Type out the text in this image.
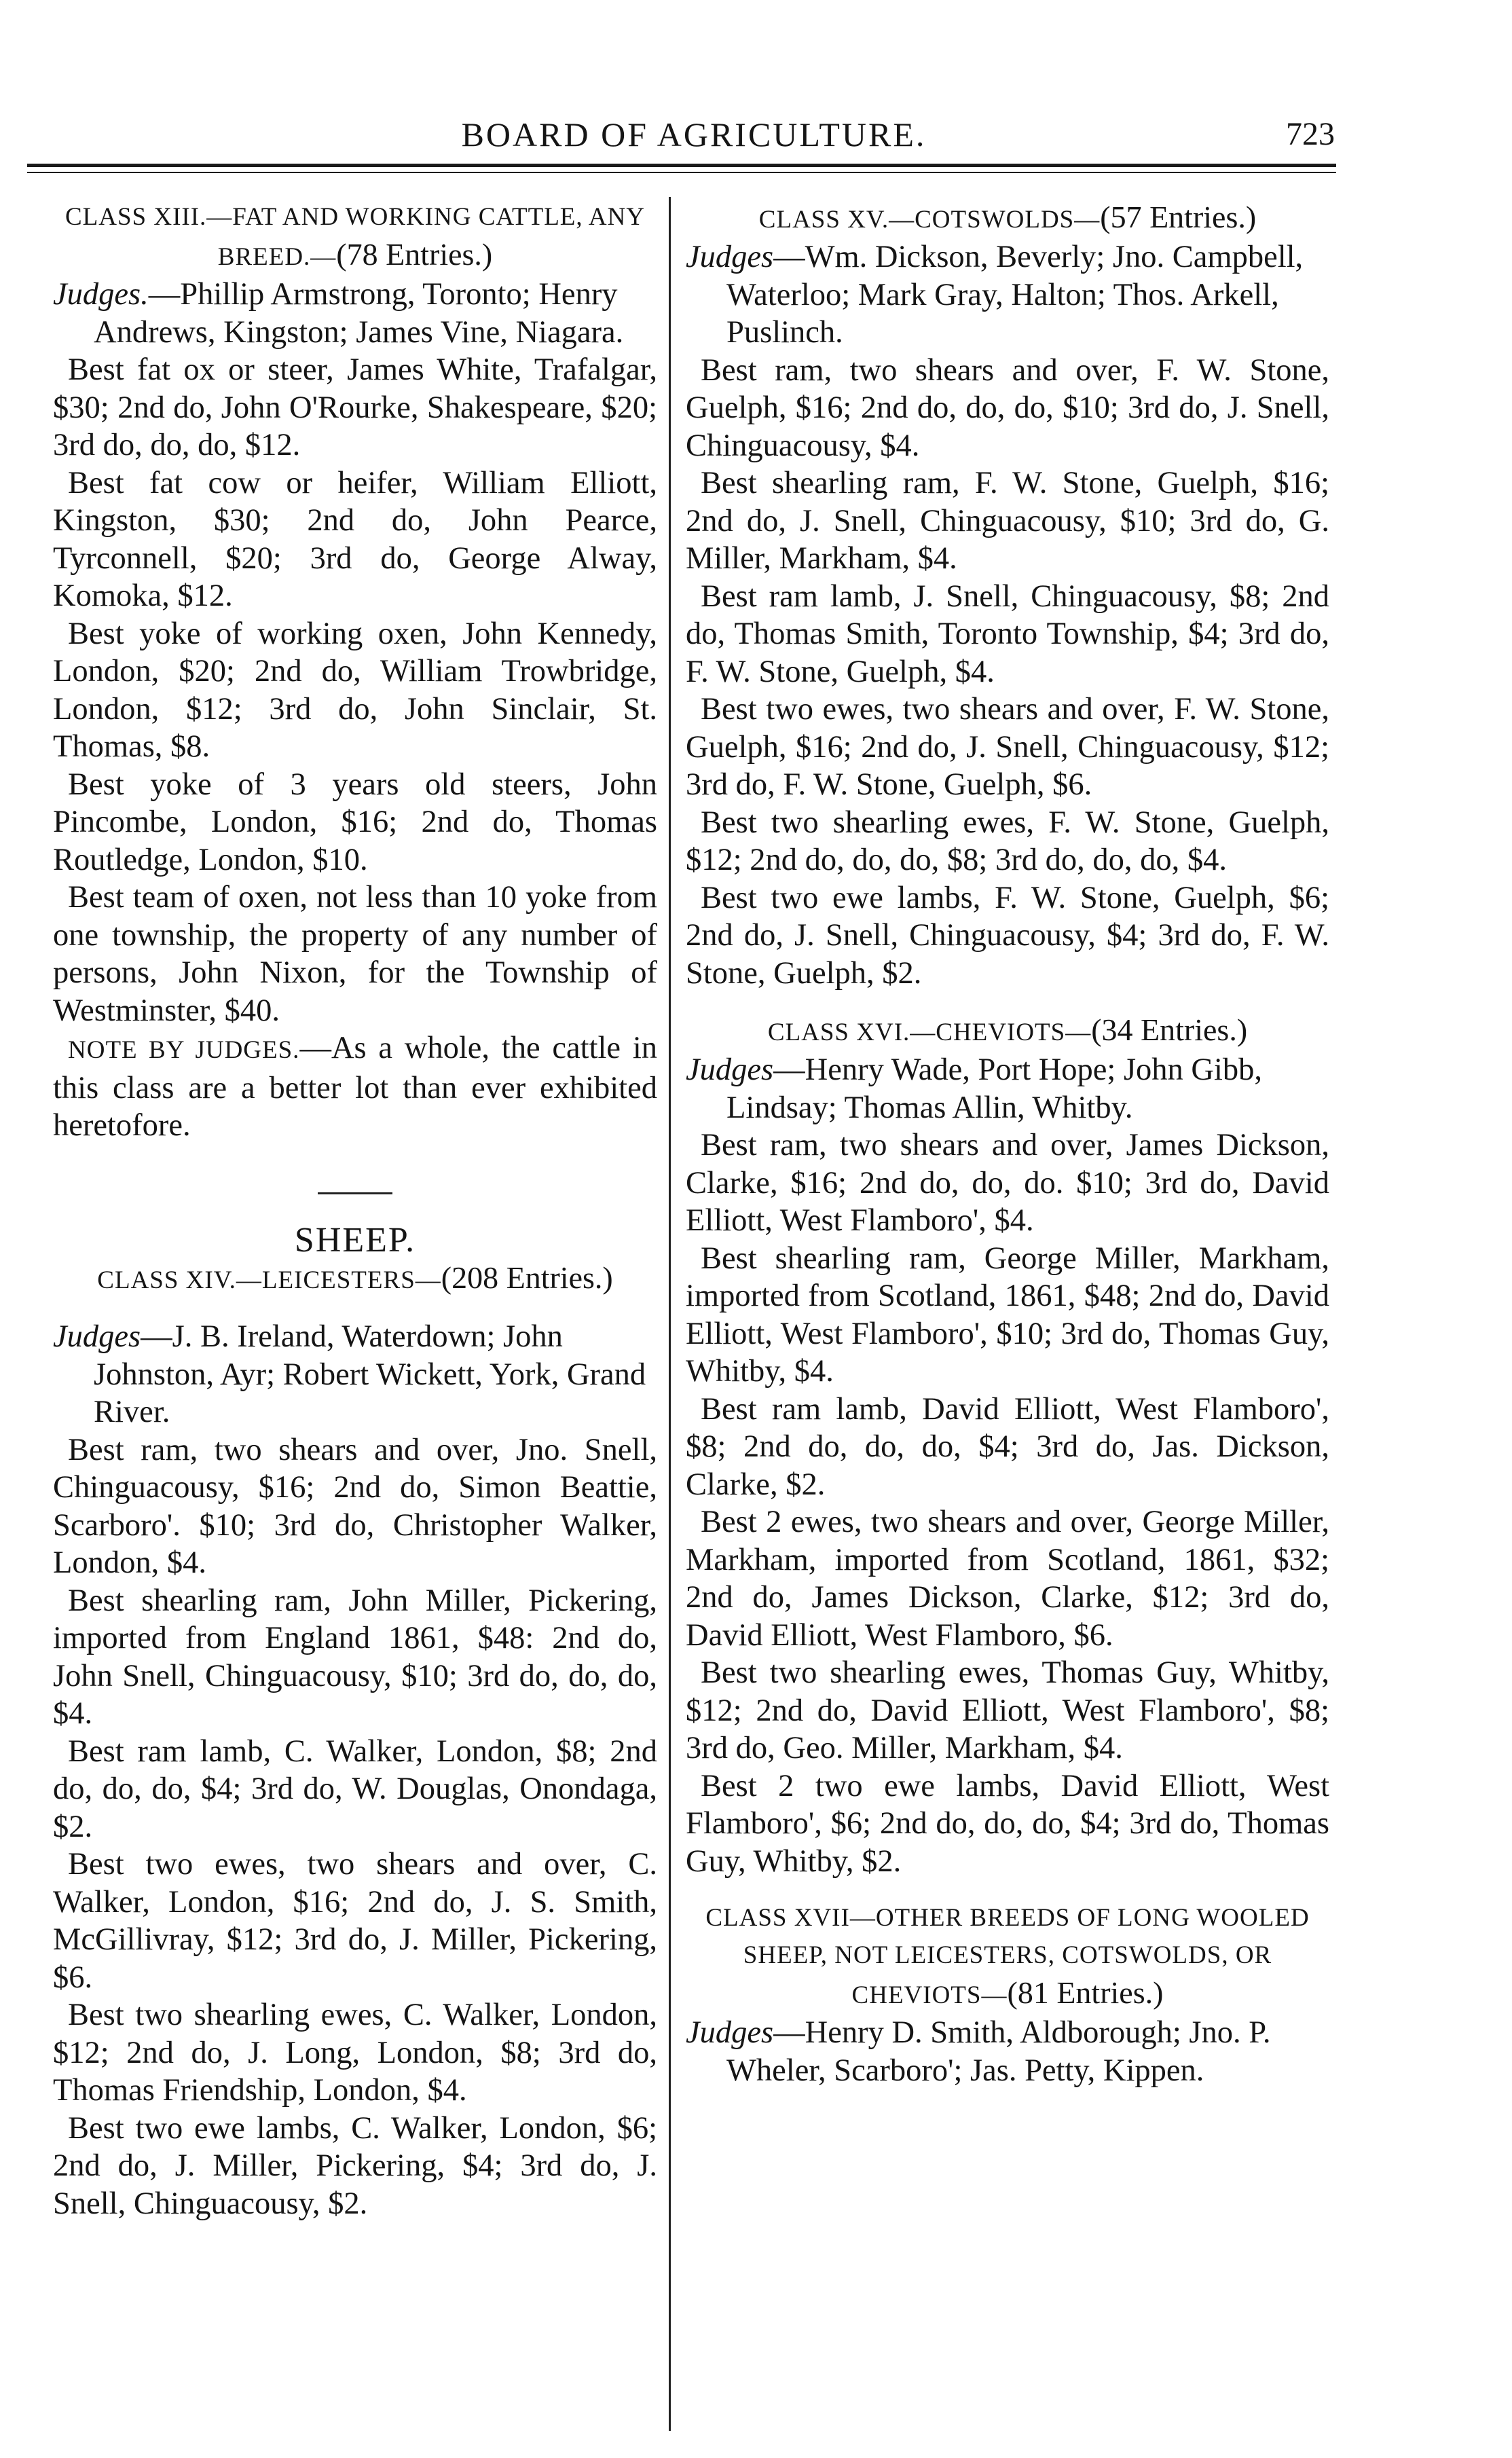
BOARD OF AGRICULTURE.	723

CLASS XIII.—FAT AND WORKING CATTLE, ANY BREED.—(78 Entries.)

Judges.—Phillip Armstrong, Toronto; Henry Andrews, Kingston; James Vine, Niagara.

Best fat ox or steer, James White, Trafalgar, $30; 2nd do, John O'Rourke, Shakespeare, $20; 3rd do, do, do, $12.

Best fat cow or heifer, William Elliott, Kingston, $30; 2nd do, John Pearce, Tyrconnell, $20; 3rd do, George Alway, Komoka, $12.

Best yoke of working oxen, John Kennedy, London, $20; 2nd do, William Trowbridge, London, $12; 3rd do, John Sinclair, St. Thomas, $8.

Best yoke of 3 years old steers, John Pincombe, London, $16; 2nd do, Thomas Routledge, London, $10.

Best team of oxen, not less than 10 yoke from one township, the property of any number of persons, John Nixon, for the Township of Westminster, $40.

NOTE BY JUDGES.—As a whole, the cattle in this class are a better lot than ever exhibited heretofore.

SHEEP.

CLASS XIV.—LEICESTERS—(208 Entries.)

Judges—J. B. Ireland, Waterdown; John Johnston, Ayr; Robert Wickett, York, Grand River.

Best ram, two shears and over, Jno. Snell, Chinguacousy, $16; 2nd do, Simon Beattie, Scarboro'. $10; 3rd do, Christopher Walker, London, $4.

Best shearling ram, John Miller, Pickering, imported from England 1861, $48: 2nd do, John Snell, Chinguacousy, $10; 3rd do, do, do, $4.

Best ram lamb, C. Walker, London, $8; 2nd do, do, do, $4; 3rd do, W. Douglas, Onondaga, $2.

Best two ewes, two shears and over, C. Walker, London, $16; 2nd do, J. S. Smith, McGillivray, $12; 3rd do, J. Miller, Pickering, $6.

Best two shearling ewes, C. Walker, London, $12; 2nd do, J. Long, London, $8; 3rd do, Thomas Friendship, London, $4.

Best two ewe lambs, C. Walker, London, $6; 2nd do, J. Miller, Pickering, $4; 3rd do, J. Snell, Chinguacousy, $2.

CLASS XV.—COTSWOLDS—(57 Entries.)

Judges—Wm. Dickson, Beverly; Jno. Campbell, Waterloo; Mark Gray, Halton; Thos. Arkell, Puslinch.

Best ram, two shears and over, F. W. Stone, Guelph, $16; 2nd do, do, do, $10; 3rd do, J. Snell, Chinguacousy, $4.

Best shearling ram, F. W. Stone, Guelph, $16; 2nd do, J. Snell, Chinguacousy, $10; 3rd do, G. Miller, Markham, $4.

Best ram lamb, J. Snell, Chinguacousy, $8; 2nd do, Thomas Smith, Toronto Township, $4; 3rd do, F. W. Stone, Guelph, $4.

Best two ewes, two shears and over, F. W. Stone, Guelph, $16; 2nd do, J. Snell, Chinguacousy, $12; 3rd do, F. W. Stone, Guelph, $6.

Best two shearling ewes, F. W. Stone, Guelph, $12; 2nd do, do, do, $8; 3rd do, do, do, $4.

Best two ewe lambs, F. W. Stone, Guelph, $6; 2nd do, J. Snell, Chinguacousy, $4; 3rd do, F. W. Stone, Guelph, $2.

CLASS XVI.—CHEVIOTS—(34 Entries.)

Judges—Henry Wade, Port Hope; John Gibb, Lindsay; Thomas Allin, Whitby.

Best ram, two shears and over, James Dickson, Clarke, $16; 2nd do, do, do. $10; 3rd do, David Elliott, West Flamboro', $4.

Best shearling ram, George Miller, Markham, imported from Scotland, 1861, $48; 2nd do, David Elliott, West Flamboro', $10; 3rd do, Thomas Guy, Whitby, $4.

Best ram lamb, David Elliott, West Flamboro', $8; 2nd do, do, do, $4; 3rd do, Jas. Dickson, Clarke, $2.

Best 2 ewes, two shears and over, George Miller, Markham, imported from Scotland, 1861, $32; 2nd do, James Dickson, Clarke, $12; 3rd do, David Elliott, West Flamboro, $6.

Best two shearling ewes, Thomas Guy, Whitby, $12; 2nd do, David Elliott, West Flamboro', $8; 3rd do, Geo. Miller, Markham, $4.

Best 2 two ewe lambs, David Elliott, West Flamboro', $6; 2nd do, do, do, $4; 3rd do, Thomas Guy, Whitby, $2.

CLASS XVII—OTHER BREEDS OF LONG WOOLED SHEEP, NOT LEICESTERS, COTSWOLDS, OR CHEVIOTS—(81 Entries.)

Judges—Henry D. Smith, Aldborough; Jno. P. Wheler, Scarboro'; Jas. Petty, Kippen.
